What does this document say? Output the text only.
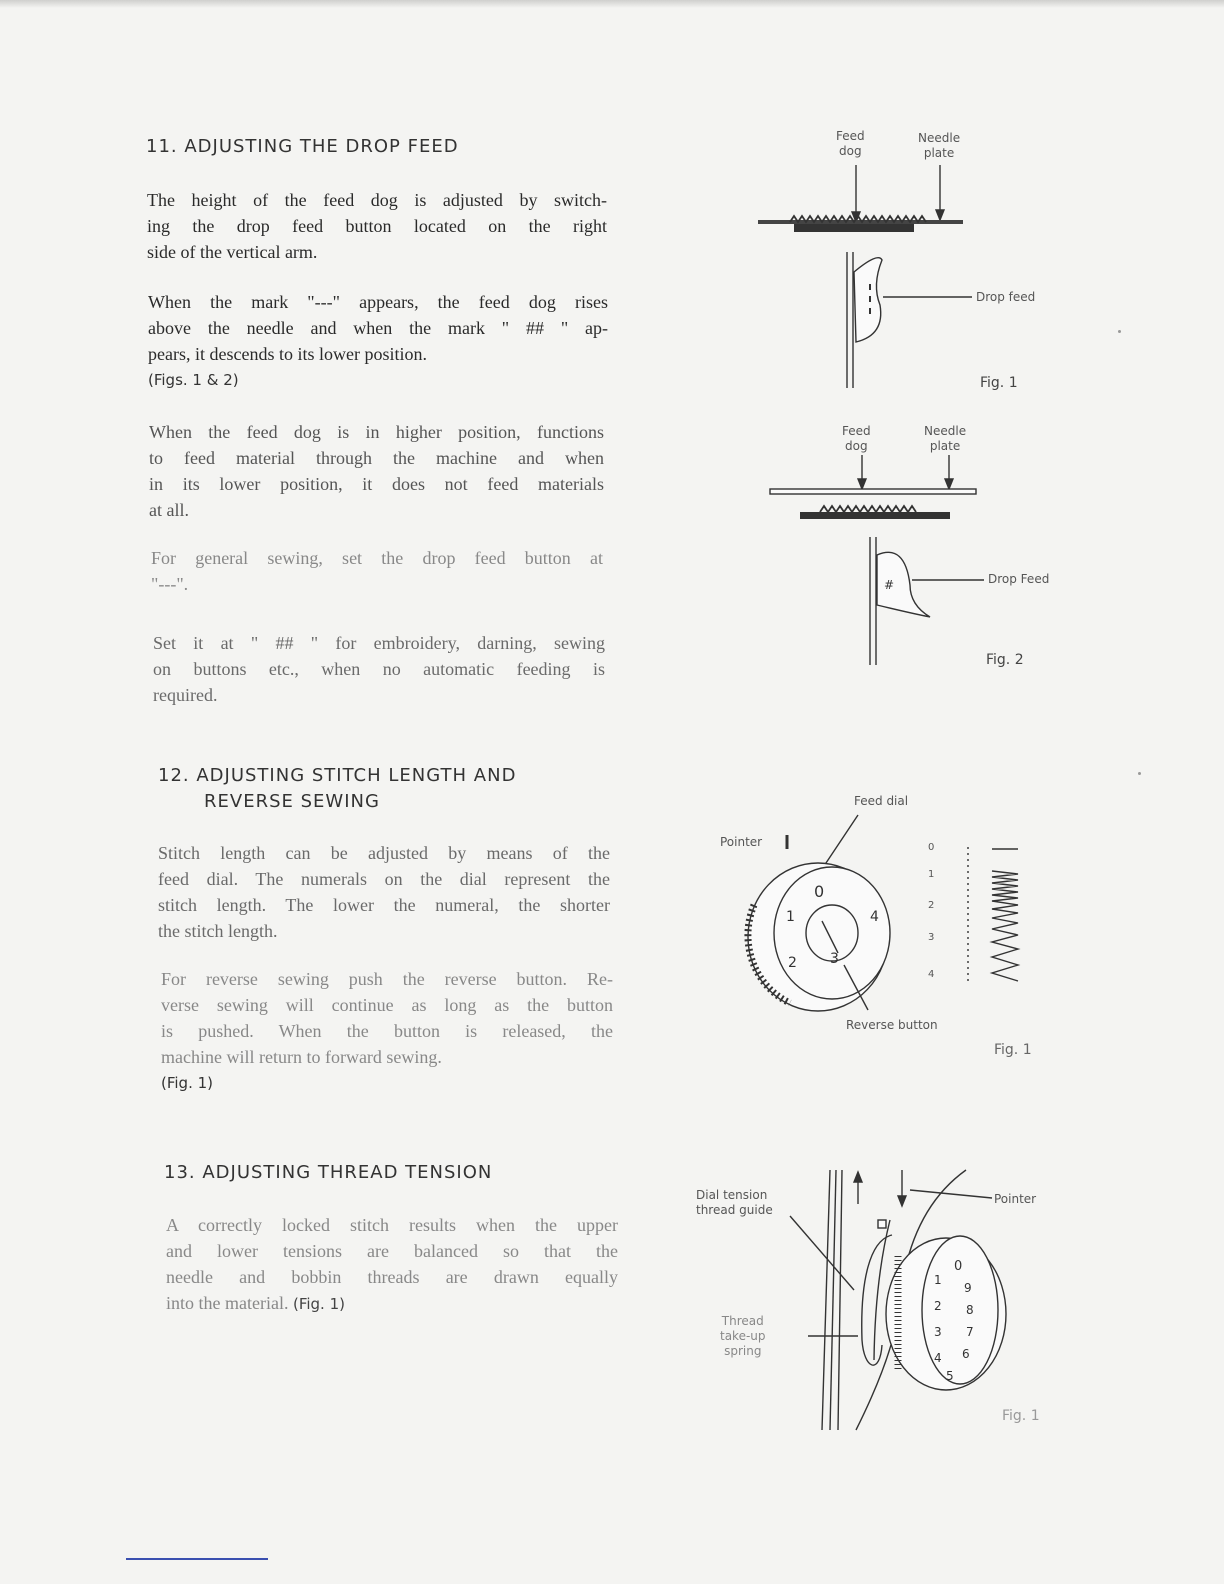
11. ADJUSTING THE DROP FEED

The height of the feed dog is adjusted by switch-
ing the drop feed button located on the right
side of the vertical arm.

When the mark "---" appears, the feed dog rises
above the needle and when the mark " ## " ap-
pears, it descends to its lower position.
(Figs. 1 & 2)

When the feed dog is in higher position, functions
to feed material through the machine and when
in its lower position, it does not feed materials
at all.

For general sewing, set the drop feed button at
"---".

Set it at " ## " for embroidery, darning, sewing
on buttons etc., when no automatic feeding is
required.

12. ADJUSTING STITCH LENGTH AND
REVERSE SEWING

Stitch length can be adjusted by means of the
feed dial. The numerals on the dial represent the
stitch length. The lower the numeral, the shorter
the stitch length.

For reverse sewing push the reverse button. Re-
verse sewing will continue as long as the button
is pushed. When the button is released, the
machine will return to forward sewing.
(Fig. 1)

13. ADJUSTING THREAD TENSION

A correctly locked stitch results when the upper
and lower tensions are balanced so that the
needle and bobbin threads are drawn equally
into the material. (Fig. 1)

Feed
dog
Needle
plate
Drop feed
Fig. 1
Feed
dog
Needle
plate
#	Drop Feed
Fig. 2
Feed dial
Pointer
0
1
2 3
4
0
1
2
3
4
Reverse button
Fig. 1
Dial tension
thread guide
Pointer
Thread
take-up
spring
0
9
8
7
6
5
1
2
3
4
Fig. 1
